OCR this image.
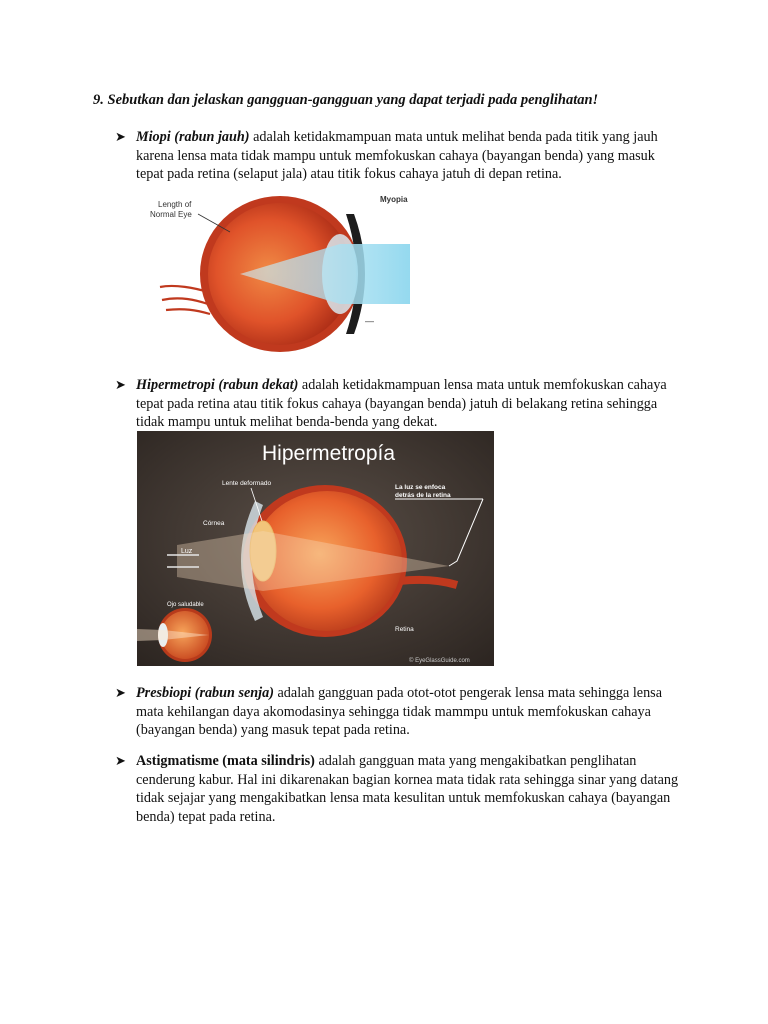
9. Sebutkan dan jelaskan gangguan-gangguan yang dapat terjadi pada penglihatan!
➤ Miopi (rabun jauh) adalah ketidakmampuan mata untuk melihat benda pada titik yang jauh karena lensa mata tidak mampu untuk memfokuskan cahaya (bayangan benda) yang masuk tepat pada retina (selaput jala) atau titik fokus cahaya jatuh di depan retina.
Length of
Normal Eye
Myopia
—
➤ Hipermetropi (rabun dekat) adalah ketidakmampuan lensa mata untuk memfokuskan cahaya tepat pada retina atau titik fokus cahaya (bayangan benda) jatuh di belakang retina sehingga tidak mampu untuk melihat benda-benda yang dekat.
Hipermetropía
Lente deformado
Córnea
La luz se enfoca
detrás de la retina
Luz
Ojo saludable
Retina
© EyeGlassGuide.com
➤ Presbiopi (rabun senja) adalah gangguan pada otot-otot pengerak lensa mata sehingga lensa mata kehilangan daya akomodasinya sehingga tidak mammpu untuk memfokuskan cahaya (bayangan benda) yang masuk tepat pada retina.
➤ Astigmatisme (mata silindris) adalah gangguan mata yang mengakibatkan penglihatan cenderung kabur. Hal ini dikarenakan bagian kornea mata tidak rata sehingga sinar yang datang tidak sejajar yang mengakibatkan lensa mata kesulitan untuk memfokuskan cahaya (bayangan benda) tepat pada retina.
